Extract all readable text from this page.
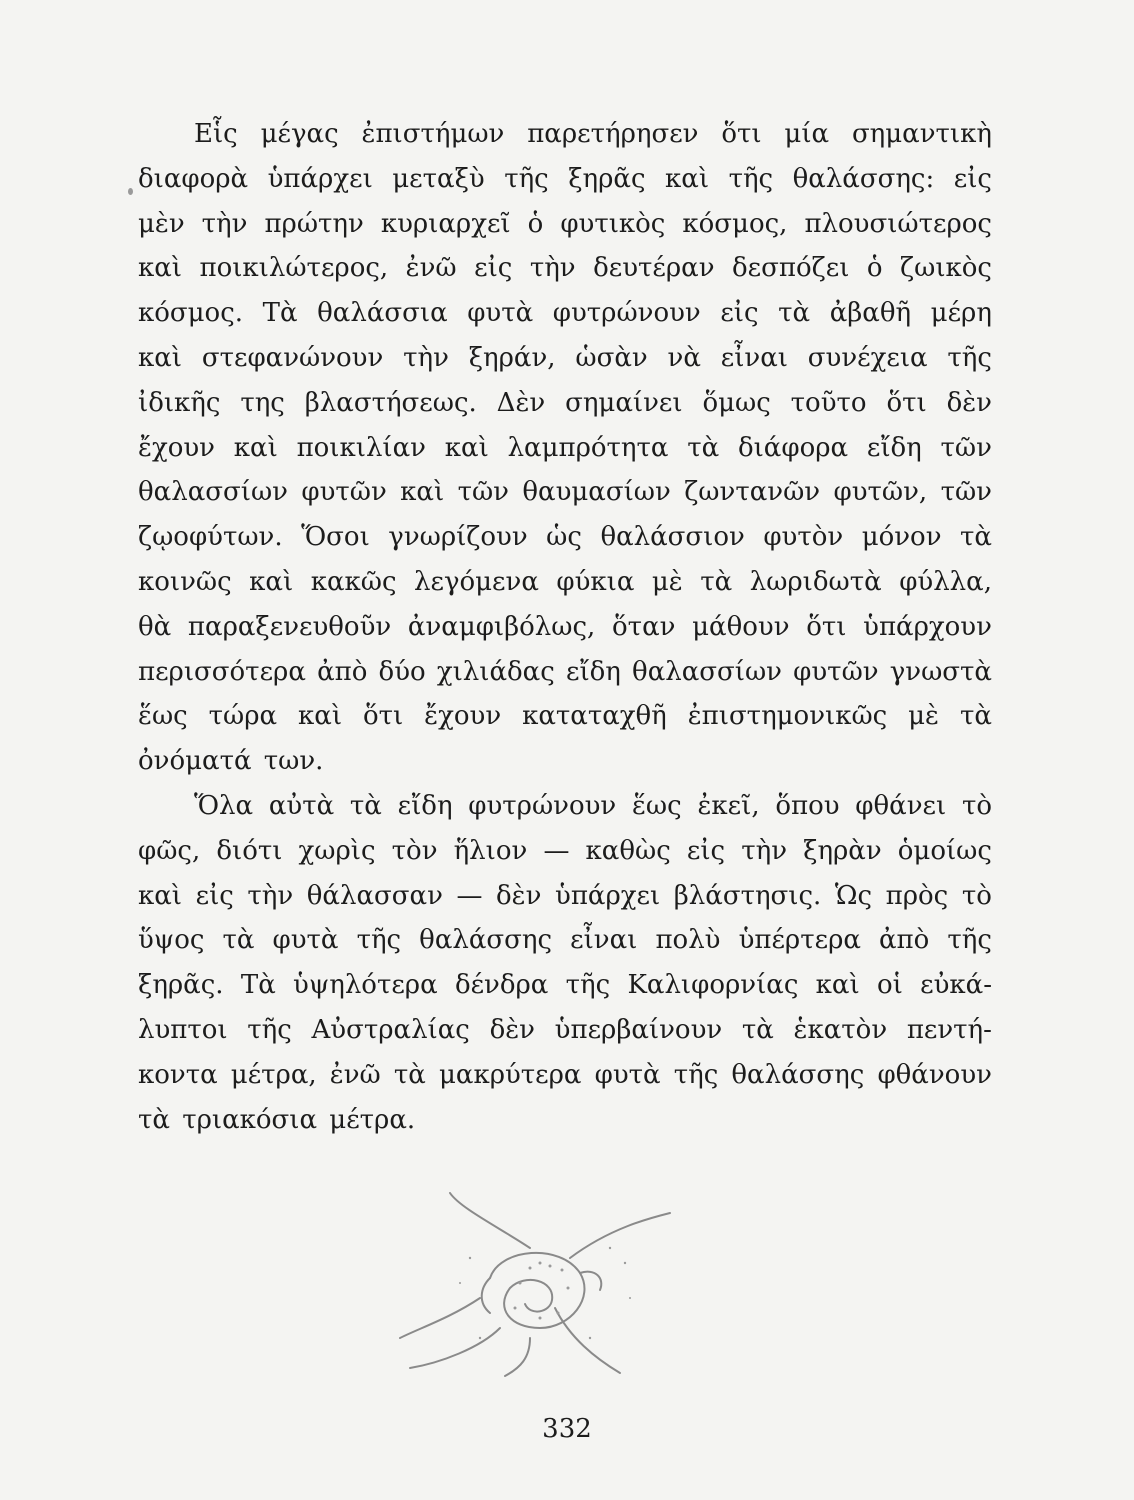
Εἷς μέγας ἐπιστήμων παρετήρησεν ὅτι μία σημαντικὴ
διαφορὰ ὑπάρχει μεταξὺ τῆς ξηρᾶς καὶ τῆς θαλάσσης: εἰς
μὲν τὴν πρώτην κυριαρχεῖ ὁ φυτικὸς κόσμος, πλουσιώτερος
καὶ ποικιλώτερος, ἐνῶ εἰς τὴν δευτέραν δεσπόζει ὁ ζωικὸς
κόσμος. Τὰ θαλάσσια φυτὰ φυτρώνουν εἰς τὰ ἀβαθῆ μέρη
καὶ στεφανώνουν τὴν ξηράν, ὡσὰν νὰ εἶναι συνέχεια τῆς
ἰδικῆς της βλαστήσεως. Δὲν σημαίνει ὅμως τοῦτο ὅτι δὲν
ἔχουν καὶ ποικιλίαν καὶ λαμπρότητα τὰ διάφορα εἴδη τῶν
θαλασσίων φυτῶν καὶ τῶν θαυμασίων ζωντανῶν φυτῶν, τῶν
ζῳοφύτων. Ὅσοι γνωρίζουν ὡς θαλάσσιον φυτὸν μόνον τὰ
κοινῶς καὶ κακῶς λεγόμενα φύκια μὲ τὰ λωριδωτὰ φύλλα,
θὰ παραξενευθοῦν ἀναμφιβόλως, ὅταν μάθουν ὅτι ὑπάρχουν
περισσότερα ἀπὸ δύο χιλιάδας εἴδη θαλασσίων φυτῶν γνωστὰ
ἕως τώρα καὶ ὅτι ἔχουν καταταχθῆ ἐπιστημονικῶς μὲ τὰ
ὀνόματά των.
Ὅλα αὐτὰ τὰ εἴδη φυτρώνουν ἕως ἐκεῖ, ὅπου φθάνει τὸ
φῶς, διότι χωρὶς τὸν ἥλιον — καθὼς εἰς τὴν ξηρὰν ὁμοίως
καὶ εἰς τὴν θάλασσαν — δὲν ὑπάρχει βλάστησις. Ὡς πρὸς τὸ
ὕψος τὰ φυτὰ τῆς θαλάσσης εἶναι πολὺ ὑπέρτερα ἀπὸ τῆς
ξηρᾶς. Τὰ ὑψηλότερα δένδρα τῆς Καλιφορνίας καὶ οἱ εὐκά-
λυπτοι τῆς Αὐστραλίας δὲν ὑπερβαίνουν τὰ ἑκατὸν πεντή-
κοντα μέτρα, ἐνῶ τὰ μακρύτερα φυτὰ τῆς θαλάσσης φθάνουν
τὰ τριακόσια μέτρα.
332
